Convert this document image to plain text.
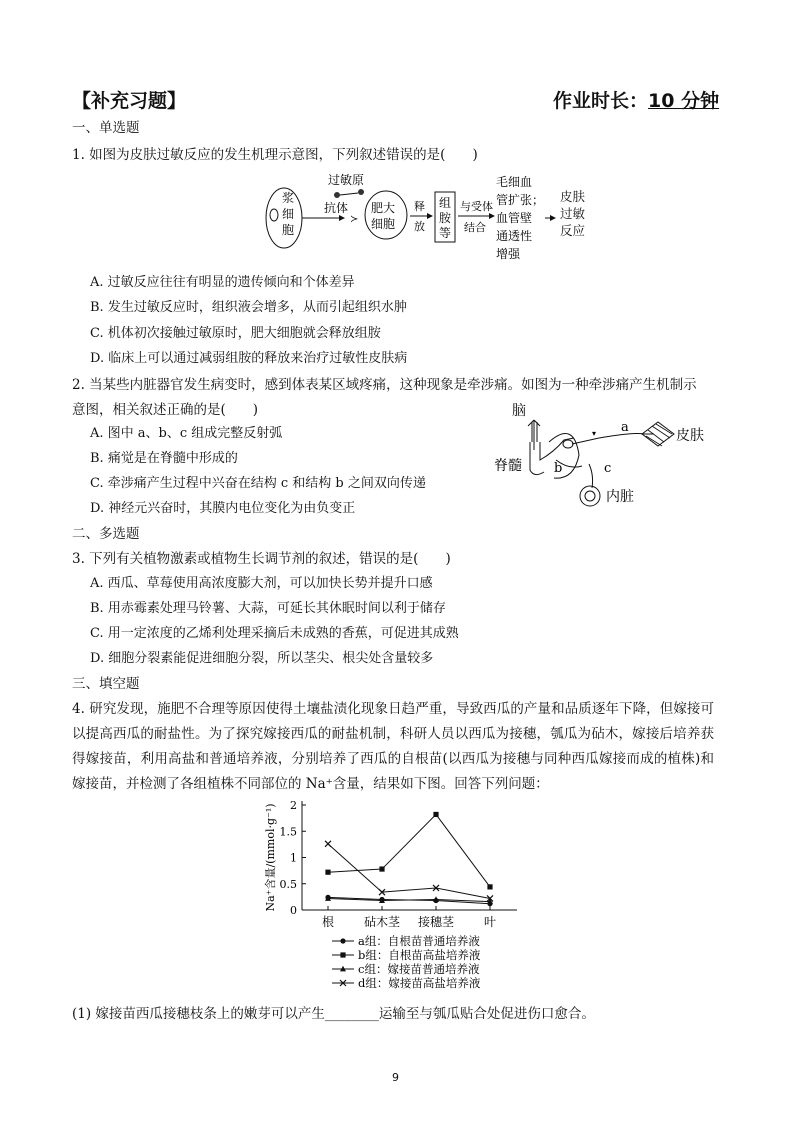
【补充习题】	作业时长：10 分钟
一、单选题
1. 如图为皮肤过敏反应的发生机理示意图，下列叙述错误的是(　　)
浆
细
胞
过敏原
抗体
≻
肥大
细胞
释
放
组
胺
等
与受体
结合
毛细血
管扩张；
血管壁
通透性
增强
皮肤
过敏
反应
A. 过敏反应往往有明显的遗传倾向和个体差异
B. 发生过敏反应时，组织液会增多，从而引起组织水肿
C. 机体初次接触过敏原时，肥大细胞就会释放组胺
D. 临床上可以通过减弱组胺的释放来治疗过敏性皮肤病
2. 当某些内脏器官发生病变时，感到体表某区域疼痛，这种现象是牵涉痛。如图为一种牵涉痛产生机制示
意图，相关叙述正确的是(　　)
A. 图中 a、b、c 组成完整反射弧
B. 痛觉是在脊髓中形成的
C. 牵涉痛产生过程中兴奋在结构 c 和结构 b 之间双向传递
D. 神经元兴奋时，其膜内电位变化为由负变正
脑
▾ a
皮肤
b	c
脊髓
内脏
二、多选题
3. 下列有关植物激素或植物生长调节剂的叙述，错误的是(　　)
A. 西瓜、草莓使用高浓度膨大剂，可以加快长势并提升口感
B. 用赤霉素处理马铃薯、大蒜，可延长其休眠时间以利于储存
C. 用一定浓度的乙烯利处理采摘后未成熟的香蕉，可促进其成熟
D. 细胞分裂素能促进细胞分裂，所以茎尖、根尖处含量较多
三、填空题
4. 研究发现，施肥不合理等原因使得土壤盐渍化现象日趋严重，导致西瓜的产量和品质逐年下降，但嫁接可以提高西瓜的耐盐性。为了探究嫁接西瓜的耐盐机制，科研人员以西瓜为接穗，瓠瓜为砧木，嫁接后培养获得嫁接苗，利用高盐和普通培养液，分别培养了西瓜的自根苗(以西瓜为接穗与同种西瓜嫁接而成的植株)和嫁接苗，并检测了各组植株不同部位的 Na⁺含量，结果如下图。回答下列问题：
0
0.5
1
1.5
2
根 砧木茎 接穗茎 叶
Na⁺含量/(mmol·g⁻¹)
a组：自根苗普通培养液
b组：自根苗高盐培养液
c组：嫁接苗普通培养液
d组：嫁接苗高盐培养液
(1) 嫁接苗西瓜接穗枝条上的嫩芽可以产生________运输至与瓠瓜贴合处促进伤口愈合。
9
